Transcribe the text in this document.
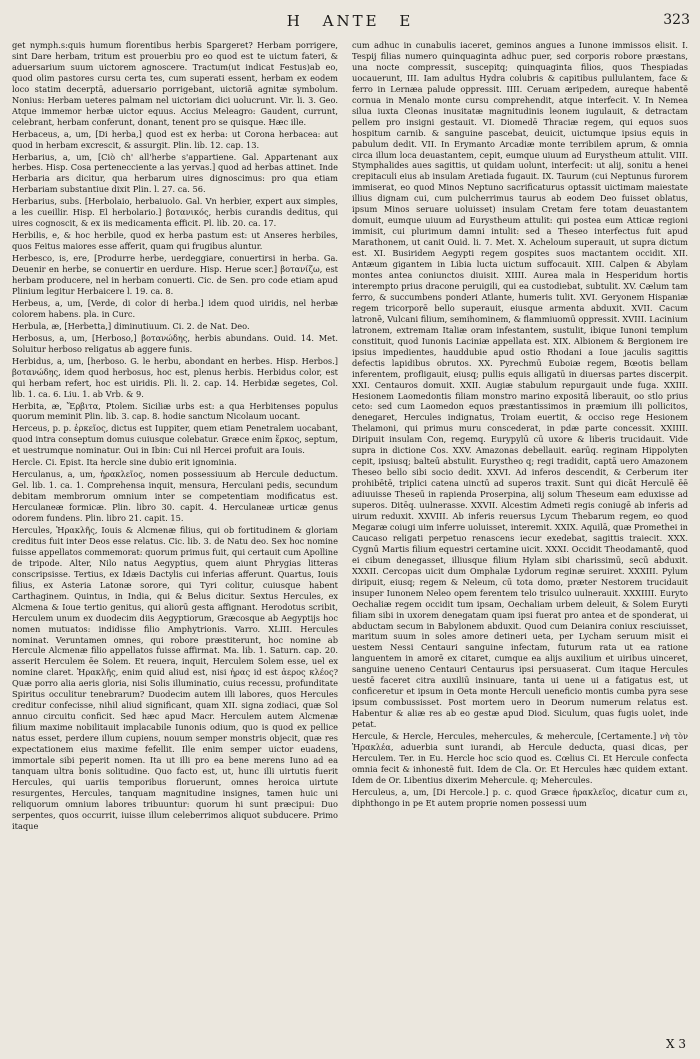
H ANTE E	323

get nymph.s:quis humum florentibus herbis Spargeret? Herbam porrigere, sint Dare herbam, tritum est prouerbiu pro eo quod est te uictum fateri, & aduersarium suum uictorem agnoscere. Tractum(ut indicat Festus)ab eo, quod olim pastores cursu certa tes, cum superati essent, herbam ex eodem loco statim decerptā, aduersario porrigebant, uictoriā agnitæ symbolum. Nonius: Herbam ueteres palmam nel uictoriam dici uolucrunt. Vir. li. 3. Geo. Atque immemor herbæ uictor equus. Accius Meleagro: Gaudent, currunt, celebrant, herbam conferunt, donant, tenent pro se quisque. Hæc ille.

Herbaceus, a, um, [Di herba,] quod est ex herba: ut Corona herbacea: aut quod in herbam excrescit, & assurgit. Plin. lib. 12. cap. 13.

Herbarius, a, um, [Ciò ch' all'herbe s'appartiene. Gal. Appartenant aux herbes. Hisp. Cosa pertenecciente a las yervas.] quod ad herbas attinet. Inde Herbaria ars dicitur, qua herbarum uires dignoscimus: pro qua etiam Herbariam substantiue dixit Plin. l. 27. ca. 56.

Herbarius, subs. [Herbolaio, herbaiuolo. Gal. Vn herbier, expert aux simples, a les cueillir. Hisp. El herbolario.] βοτανικός, herbis curandis deditus, qui uires cognoscit, & ex iis medicamenta efficit. Pl. lib. 20. ca. 17.

Herbilis, e, & hoc herbile, quod ex herba pastum est: ut Anseres herbiles, quos Feitus maiores esse afferit, quam qui frugibus aluntur.

Herbesco, is, ere, [Produrre herbe, uerdeggiare, conuertirsi in herba. Ga. Deuenir en herbe, se conuertir en uerdure. Hisp. Herue scer.] βοτανίζω, est herbam producere, nel in herbam conuerti. Cic. de Sen. pro code etiam apud Plinium legitur Herbaicere l. 19. ca. 8.

Herbeus, a, um, [Verde, di color di herba.] idem quod uiridis, nel herbæ colorem habens. pla. in Curc.

Herbula, æ, [Herbetta,] diminutiuum. Ci. 2. de Nat. Deo.

Herbosus, a, um, [Herboso,] βοτανώδης, herbis abundans. Ouid. 14. Met. Soluitur herboso religatus ab aggere funis.

Herbidus, a, um, [herboso. G. le herbu, abondant en herbes. Hisp. Herbos.] βοτανώδης, idem quod herbosus, hoc est, plenus herbis. Herbidus color, est qui herbam refert, hoc est uiridis. Pli. li. 2. cap. 14. Herbidæ segetes, Col. lib. 1. ca. 6. Liu. 1. ab Vrb. & 9.

Herbita, æ, Ἕρβιτα, Ptolem. Siciliæ urbs est: a qua Herbitenses populus quorum meminit Plin. lib. 3. cap. 8. hodie sanctum Nicolaum uocant.

Herceus, p. p. ἑρκεῖος, dictus est Iuppiter, quem etiam Penetralem uocabant, quod intra conseptum domus cuiusque colebatur. Græce enim ἕρκος, septum, et uestrumque nominatur. Oui in Ibin: Cui nil Hercei profuit ara Iouis.

Hercle. Ci. Epist. Ita hercle sine dubio erit ignominia.

Herculanus, a, um, ἡρακλεῖος, nomen possessiuum ab Hercule deductum. Gel. lib. 1. ca. 1. Comprehensa inquit, mensura, Herculani pedis, secundum debitam membrorum omnium inter se competentiam modificatus est. Herculaneæ formicæ. Plin. libro 30. capit. 4. Herculaneæ urticæ genus odorem fundens. Plin. libro 21. capit. 15.

Hercules, Ἡρακλῆς, Iouis & Alcmenæ filius, qui ob fortitudinem & gloriam creditus fuit inter Deos esse relatus. Cic. lib. 3. de Natu deo. Sex hoc nomine fuisse appellatos commemorat: quorum primus fuit, qui certauit cum Apolline de tripode. Alter, Nilo natus Aegyptius, quem aiunt Phrygias litteras conscripsisse. Tertius, ex Idæis Dactylis cui inferias afferunt. Quartus, Iouis filius, ex Asteria Latonæ sorore, qui Tyri colitur, cuiusque habent Carthaginem. Quintus, in India, qui & Belus dicitur. Sextus Hercules, ex Alcmena & Ioue tertio genitus, qui aliorū gesta affignant. Herodotus scribit, Herculem unum ex duodecim diis Aegyptiorum, Græcosque ab Aegyptijs hoc nomen mutuatos: indidisse filio Amphytrionis. Varro. XLIII. Hercules nominat. Veruntamen omnes, qui robore præstiterunt, hoc nomine ab Hercule Alcmenæ filio appellatos fuisse affirmat. Ma. lib. 1. Saturn. cap. 20. asserit Herculem ēe Solem. Et reuera, inquit, Herculem Solem esse, uel ex nomine claret. Ἡρακλῆς, enim quid aliud est, nisi ἡρας id est ἀερος κλέος? Quæ porro alia aeris gloria, nisi Solis illuminatio, cuius recessu, profunditate Spiritus occulitur tenebrarum? Duodecim autem illi labores, quos Hercules creditur confecisse, nihil aliud significant, quam XII. signa zodiaci, quæ Sol annuo circuitu conficit. Sed hæc apud Macr. Herculem autem Alcmenæ filium maxime nobilitauit implacabile Iunonis odium, quo is quod ex pellice natus esset, perdere illum cupiens, nouum semper monstris objecit, quæ res expectationem eius maxime fefellit. Ille enim semper uictor euadens, immortale sibi peperit nomen. Ita ut illi pro ea bene merens Iuno ad ea tanquam ultra bonis solitudine. Quo facto est, ut, hunc illi uirtutis fuerit Hercules, qui uariis temporibus floruerunt, omnes heroica uirtute resurgentes, Hercules, tanquam magnitudine insignes, tamen huic uni reliquorum omnium labores tribuuntur: quorum hi sunt præcipui: Duo serpentes, quos occurrit, iuisse illum celeberrimos aliquot subducere. Primo itaque

cum adhuc in cunabulis iaceret, geminos angues a Iunone immissos elisit. I. Tespij filias numero quinquaginta adhuc puer, sed corporis robore præstans, una nocte compressit, suscepitq; quinquaginta filios, quos Thespiadas uocauerunt, III. Iam adultus Hydra colubris & capitibus pullulantem, face & ferro in Lernæa palude oppressit. IIII. Ceruam æripedem, aureque habentē cornua in Menalo monte cursu comprehendit, atque interfecit. V. In Nemea silua iuxta Cleonas inusitatæ magnitudinis leonem iugulauit, & detractam pellem pro insigni gestauit. VI. Diomedē Thraciæ regem, qui equos suos hospitum carnib. & sanguine pascebat, deuicit, uictumque ipsius equis in pabulum dedit. VII. In Erymanto Arcadiæ monte terribilem aprum, & omnia circa illum loca deuastantem, cepit, eumque uiuum ad Eurystheum attulit. VIII. Stymphalides aues sagittis, ut quidam uolunt, interfecit: ut alij, sonitu a henei crepitaculi eius ab insulam Aretiada fugauit. IX. Taurum (cui Neptunus furorem immiserat, eo quod Minos Neptuno sacrificaturus optassit uictimam maiestate illius dignam cui, cum pulcherrimus taurus ab eodem Deo fuisset oblatus, ipsum Minos seruare uoluisset) insulam Cretam fere totam deuastantem domuit, eumque uiuum ad Eurystheum attulit: qui postea eum Atticæ regioni immisit, cui plurimum damni intulit: sed a Theseo interfectus fuit apud Marathonem, ut canit Ouid. li. 7. Met. X. Acheloum superauit, ut supra dictum est. XI. Busiridem Aegypti regem gospites suos mactantem occidit. XII. Antæum gigantem in Libia lucta uictum suffocauit. XIII. Calpen & Abylam montes antea coniunctos diuisit. XIIII. Aurea mala in Hesperidum hortis interempto prius dracone peruigili, qui ea custodiebat, subtulit. XV. Cælum tam ferro, & succumbens ponderi Atlante, humeris tulit. XVI. Geryonem Hispaniæ regem tricorporē bello superauit, eiusque armenta abduxit. XVII. Cacum latronē, Vulcani filium, semihominem, & flammiuomū oppressit. XVIII. Lacinium latronem, extremam Italiæ oram infestantem, sustulit, ibique Iunoni templum constituit, quod Iunonis Laciniæ appellata est. XIX. Albionem & Bergionem ire ipsius impedientes, hauddubie apud ostio Rhodani a Ioue jaculis sagittis defectis lapidibus obrutos. XX. Pyrechmū Euboiæ regem, Bœotis bellam inferentem, profligauit, eiusq; pullis equis alligatū in diuersas partes discerpit. XXI. Centauros domuit. XXII. Augiæ stabulum repurgauit unde fuga. XXIII. Hesionem Laomedontis filiam monstro marino expositā liberauit, oo stlo prius ceto: sed cum Laomedon equos præstantissimos in præmium illi pollicitos, denegaret, Hercules indignatus, Troiam euertit, & occiso rege Hesionem Thelamoni, qui primus muru conscederat, in pdæ parte concessit. XXIIII. Diripuit insulam Con, regemq. Eurypylū cū uxore & liberis trucidauit. Vide supra in dictione Cos. XXV. Amazonas debellauit. earūq. reginam Hippolyten cepit, ipsiusq; balteū abstulit. Eurystheo q; regi tradidit, captā uero Amazonem Theseo bello sibi socio dedit. XXVI. Ad inferos descendit, & Cerberum iter prohibētē, triplici catena uinctū ad superos traxit. Sunt qui dicāt Herculē ēē adiuuisse Theseū in rapienda Proserpina, alij solum Theseum eam eduxisse ad superos. Ditēq. uulnerasse. XXVII. Alcestim Admeti regis coniugē ab inferis ad uirum reduxit. XXVIII. Ab inferis reuersus Lycum Thebarum regem, eo quod Megaræ coiugi uim inferre uoluisset, interemit. XXIX. Aquilā, quæ Promethei in Caucaso religati perpetuo renascens iecur exedebat, sagittis traiecit. XXX. Cygnū Martis filium equestri certamine uicit. XXXI. Occidit Theodamantē, quod ei cibum denegasset, illiusque filium Hylam sibi charissimū, secū abduxit. XXXII. Cercopas uicit dum Omphalæ Lydorum reginæ seruiret. XXXIII. Pylum diripuit, eiusq; regem & Neleum, cū tota domo, præter Nestorem trucidauit insuper Iunonem Neleo opem ferentem telo trisulco uulnerauit. XXXIIII. Euryto Oechaliæ regem occidit tum ipsam, Oechaliam urbem deleuit, & Solem Euryti filiam sibi in uxorem denegatam quam ipsi fuerat pro antea et de sponderat, ui abductam secum in Babylonem abduxit. Quod cum Deianira coniux resciuisset, maritum suum in soles amore detineri ueta, per Lycham seruum misit ei uestem Nessi Centauri sanguine infectam, futurum rata ut ea ratione languentem in amorē ex citaret, cumque ea alijs auxilium et uiribus uinceret, sanguine ueneno Centauri Centaurus ipsi persuaserat. Cum itaque Hercules uestē faceret citra auxiliū insinuare, tanta ui uene ui a fatigatus est, ut conficeretur et ipsum in Oeta monte Herculi ueneficio montis cumba pyra sese ipsum combussisset. Post mortem uero in Deorum numerum relatus est. Habentur & aliæ res ab eo gestæ apud Diod. Siculum, quas fugis uolet, inde petat.

Hercule, & Hercle, Hercules, mehercules, & mehercule, [Certamente.] νὴ τὸν Ἡρακλέα, aduerbia sunt iurandi, ab Hercule deducta, quasi dicas, per Herculem. Ter. in Eu. Hercle hoc scio quod es. Cœlius Ci. Et Hercule confecta omnia fecit & inhonestē fuit. Idem de Cla. Or. Et Hercules hæc quidem extant. Idem de Or. Libentius dixerim Mehercule. q; Mehercules.

Herculeus, a, um, [Di Hercole.] p. c. quod Græce ἡρακλεῖος, dicatur cum ει, diphthongo in pe Et autem proprie nomen possessi uum

X 3
